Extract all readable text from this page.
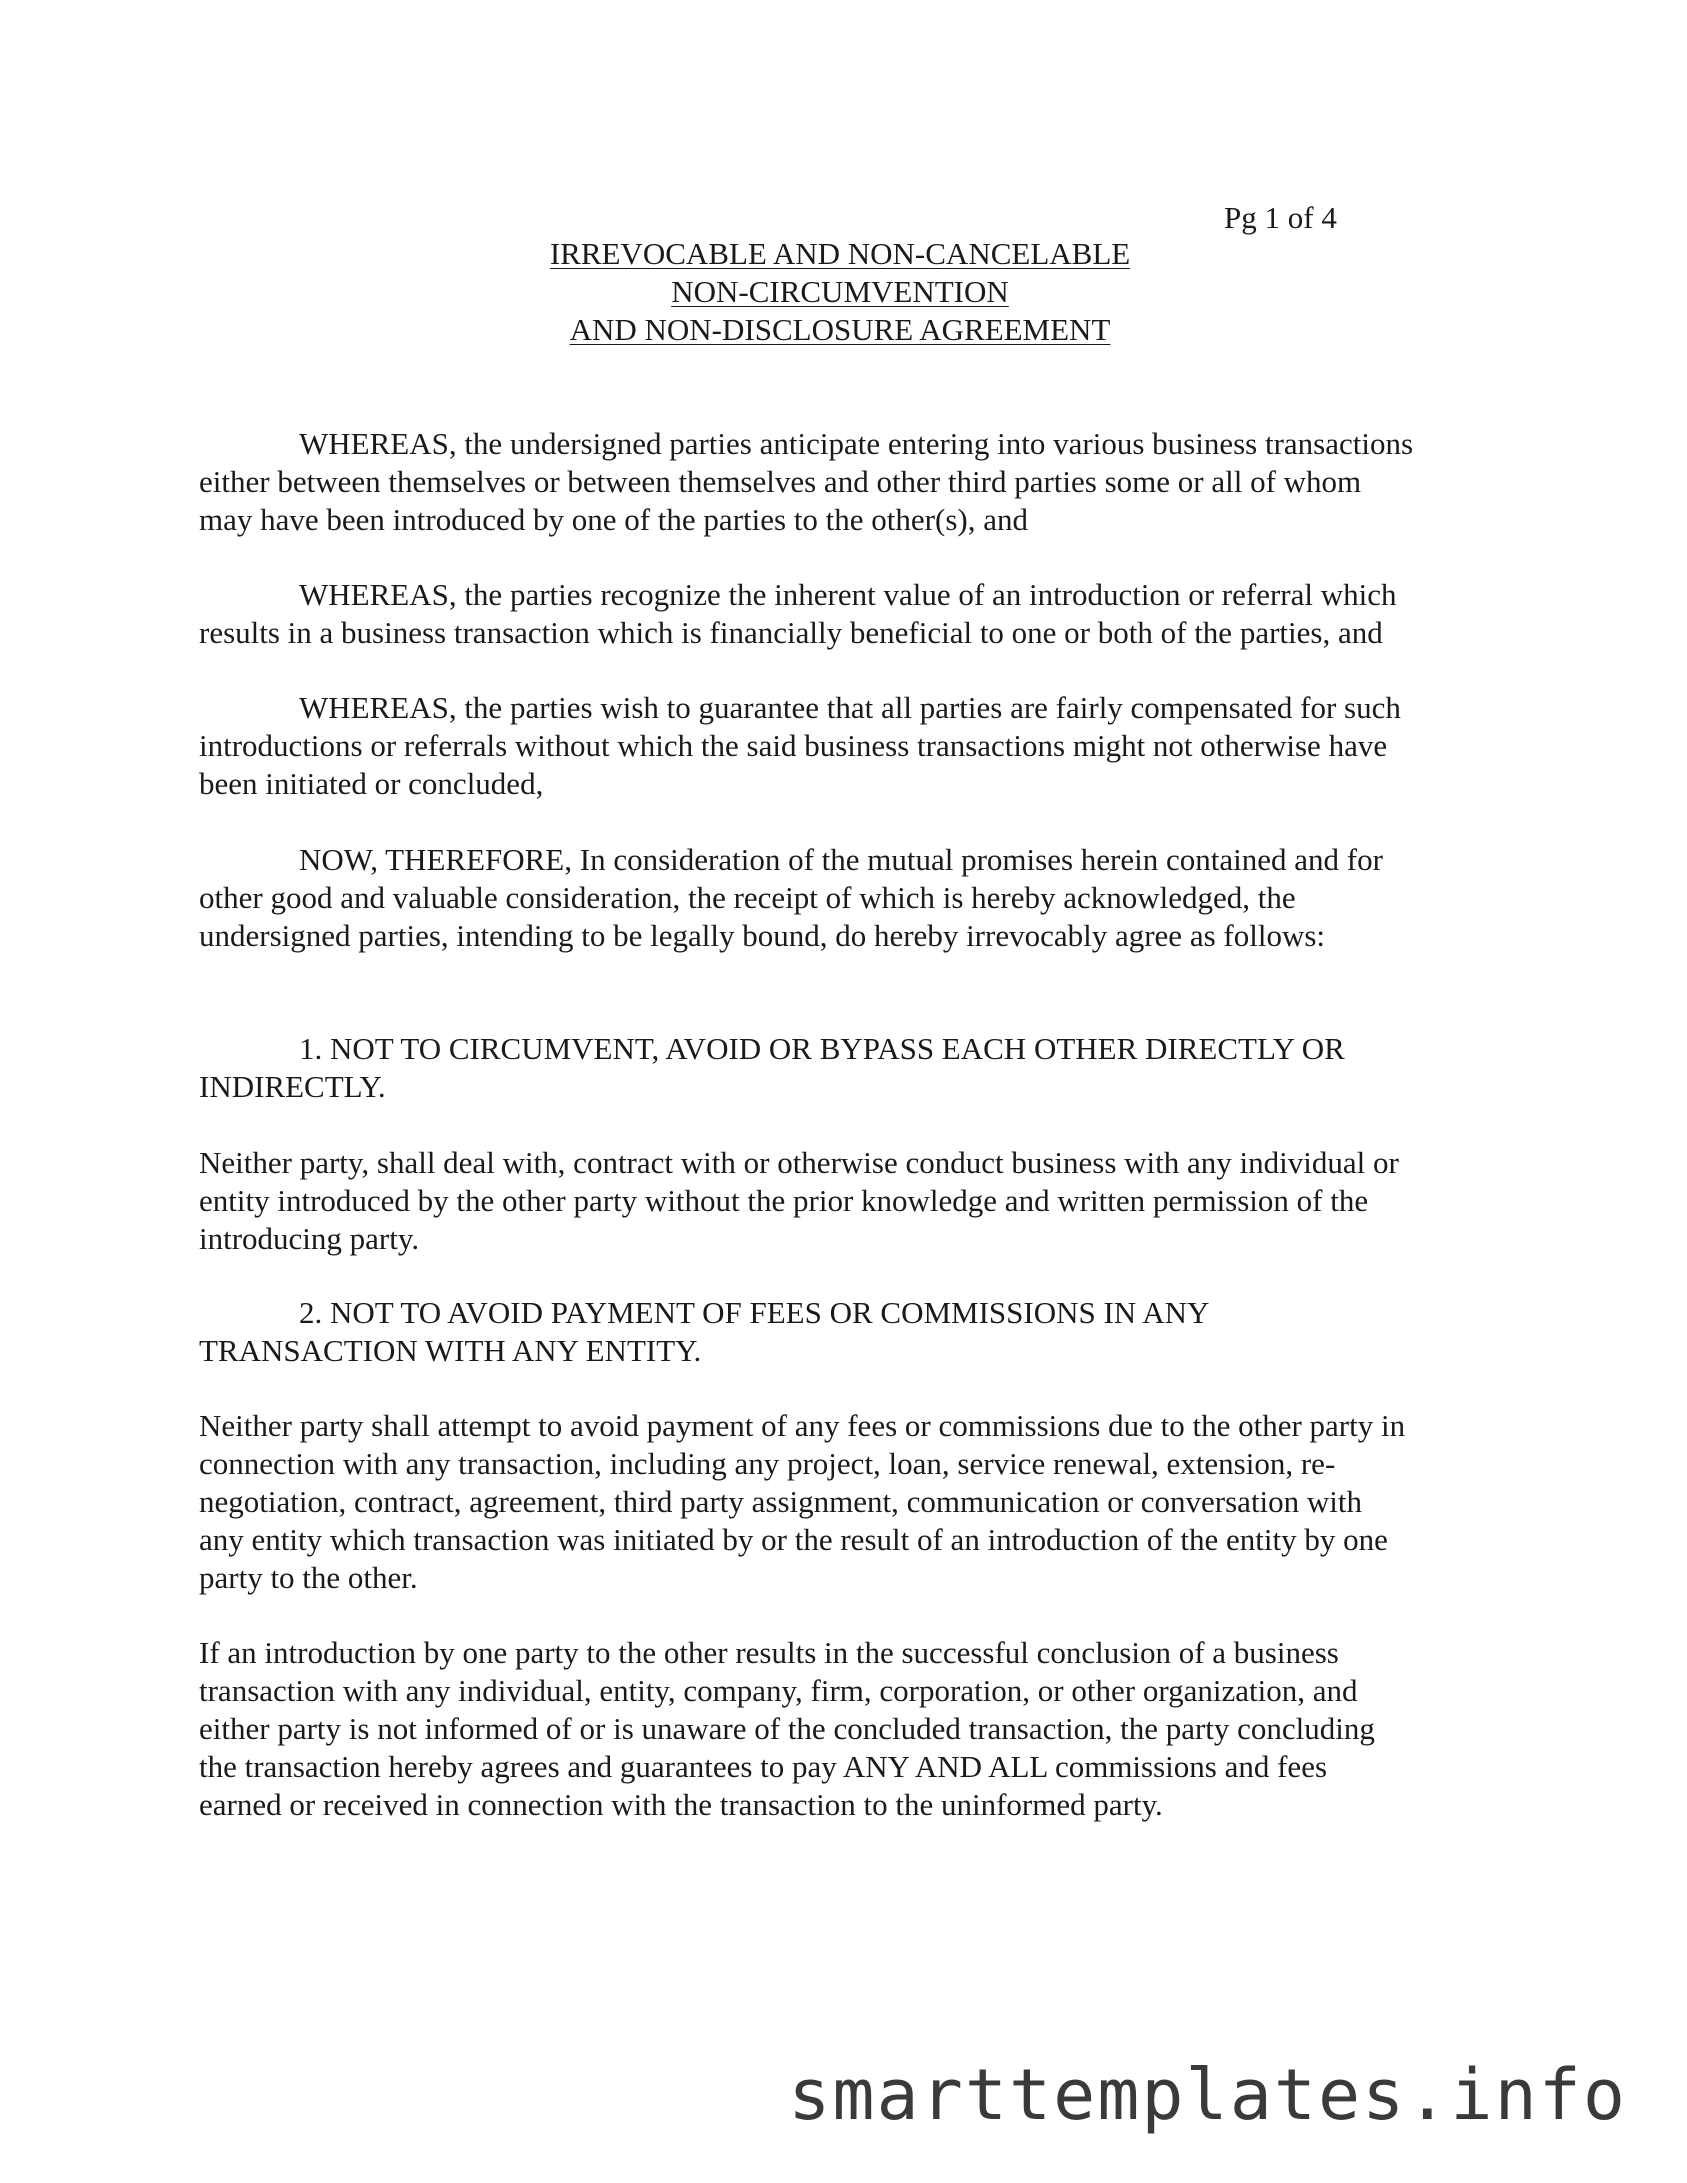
Pg 1 of 4
IRREVOCABLE AND NON-CANCELABLE
NON-CIRCUMVENTION
AND NON-DISCLOSURE AGREEMENT
WHEREAS, the undersigned parties anticipate entering into various business transactions
either between themselves or between themselves and other third parties some or all of whom
may have been introduced by one of the parties to the other(s), and
WHEREAS, the parties recognize the inherent value of an introduction or referral which
results in a business transaction which is financially beneficial to one or both of the parties, and
WHEREAS, the parties wish to guarantee that all parties are fairly compensated for such
introductions or referrals without which the said business transactions might not otherwise have
been initiated or concluded,
NOW, THEREFORE, In consideration of the mutual promises herein contained and for
other good and valuable consideration, the receipt of which is hereby acknowledged, the
undersigned parties, intending to be legally bound, do hereby irrevocably agree as follows:
1. NOT TO CIRCUMVENT, AVOID OR BYPASS EACH OTHER DIRECTLY OR
INDIRECTLY.
Neither party, shall deal with, contract with or otherwise conduct business with any individual or
entity introduced by the other party without the prior knowledge and written permission of the
introducing party.
2. NOT TO AVOID PAYMENT OF FEES OR COMMISSIONS IN ANY
TRANSACTION WITH ANY ENTITY.
Neither party shall attempt to avoid payment of any fees or commissions due to the other party in
connection with any transaction, including any project, loan, service renewal, extension, re-
negotiation, contract, agreement, third party assignment, communication or conversation with
any entity which transaction was initiated by or the result of an introduction of the entity by one
party to the other.
If an introduction by one party to the other results in the successful conclusion of a business
transaction with any individual, entity, company, firm, corporation, or other organization, and
either party is not informed of or is unaware of the concluded transaction, the party concluding
the transaction hereby agrees and guarantees to pay ANY AND ALL commissions and fees
earned or received in connection with the transaction to the uninformed party.
smarttemplates.info
